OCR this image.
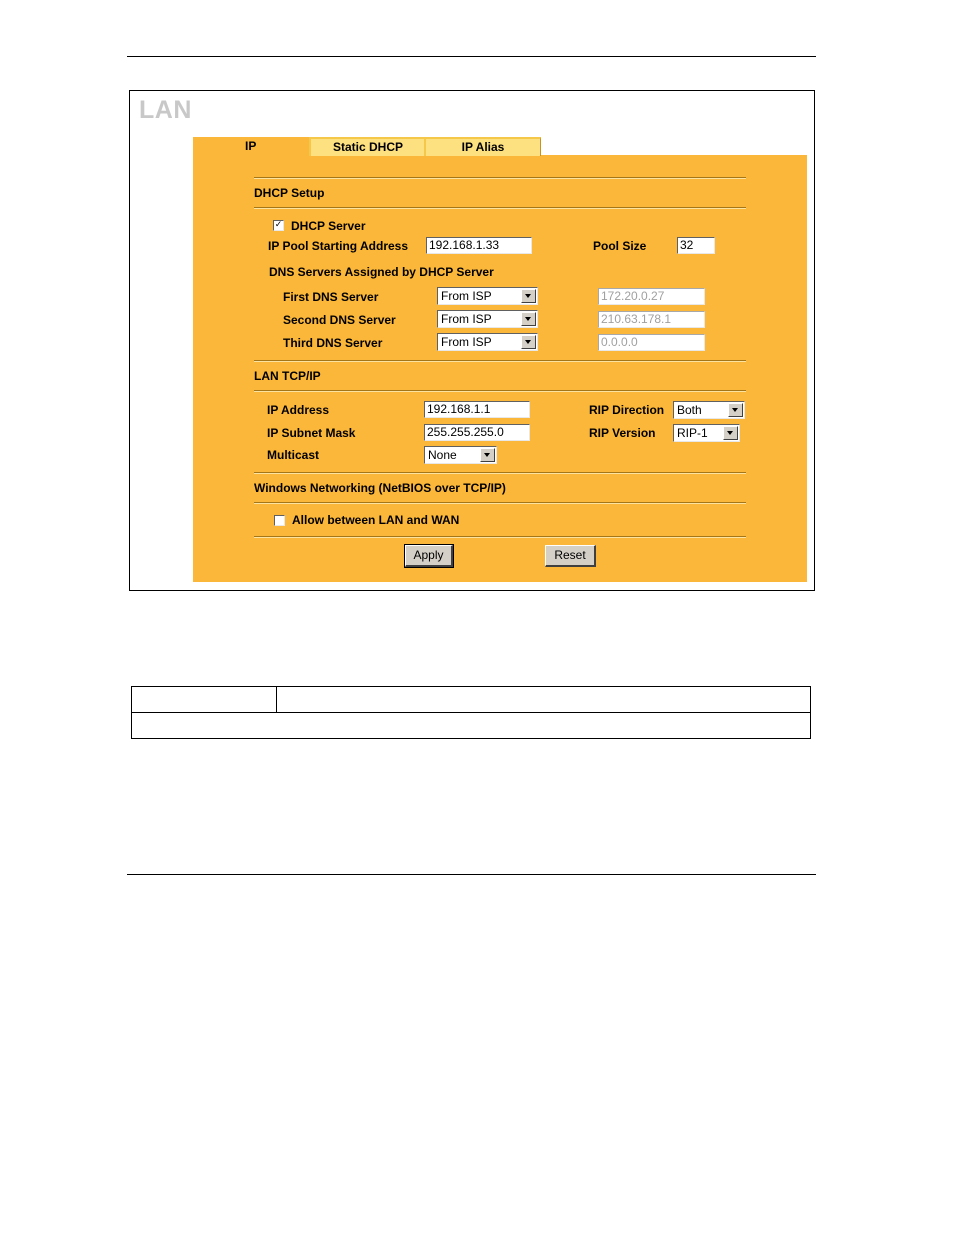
LAN
IP	Static DHCP	IP Alias
DHCP Setup
✓ DHCP Server
IP Pool Starting Address 192.168.1.33	Pool Size	32
DNS Servers Assigned by DHCP Server
First DNS Server	From ISP	172.20.0.27
Second DNS Server	From ISP	210.63.178.1
Third DNS Server	From ISP	0.0.0.0
LAN TCP/IP
IP Address	192.168.1.1	RIP Direction Both
IP Subnet Mask	255.255.255.0	RIP Version RIP-1
Multicast	None
Windows Networking (NetBIOS over TCP/IP)
Allow between LAN and WAN
Apply	Reset
